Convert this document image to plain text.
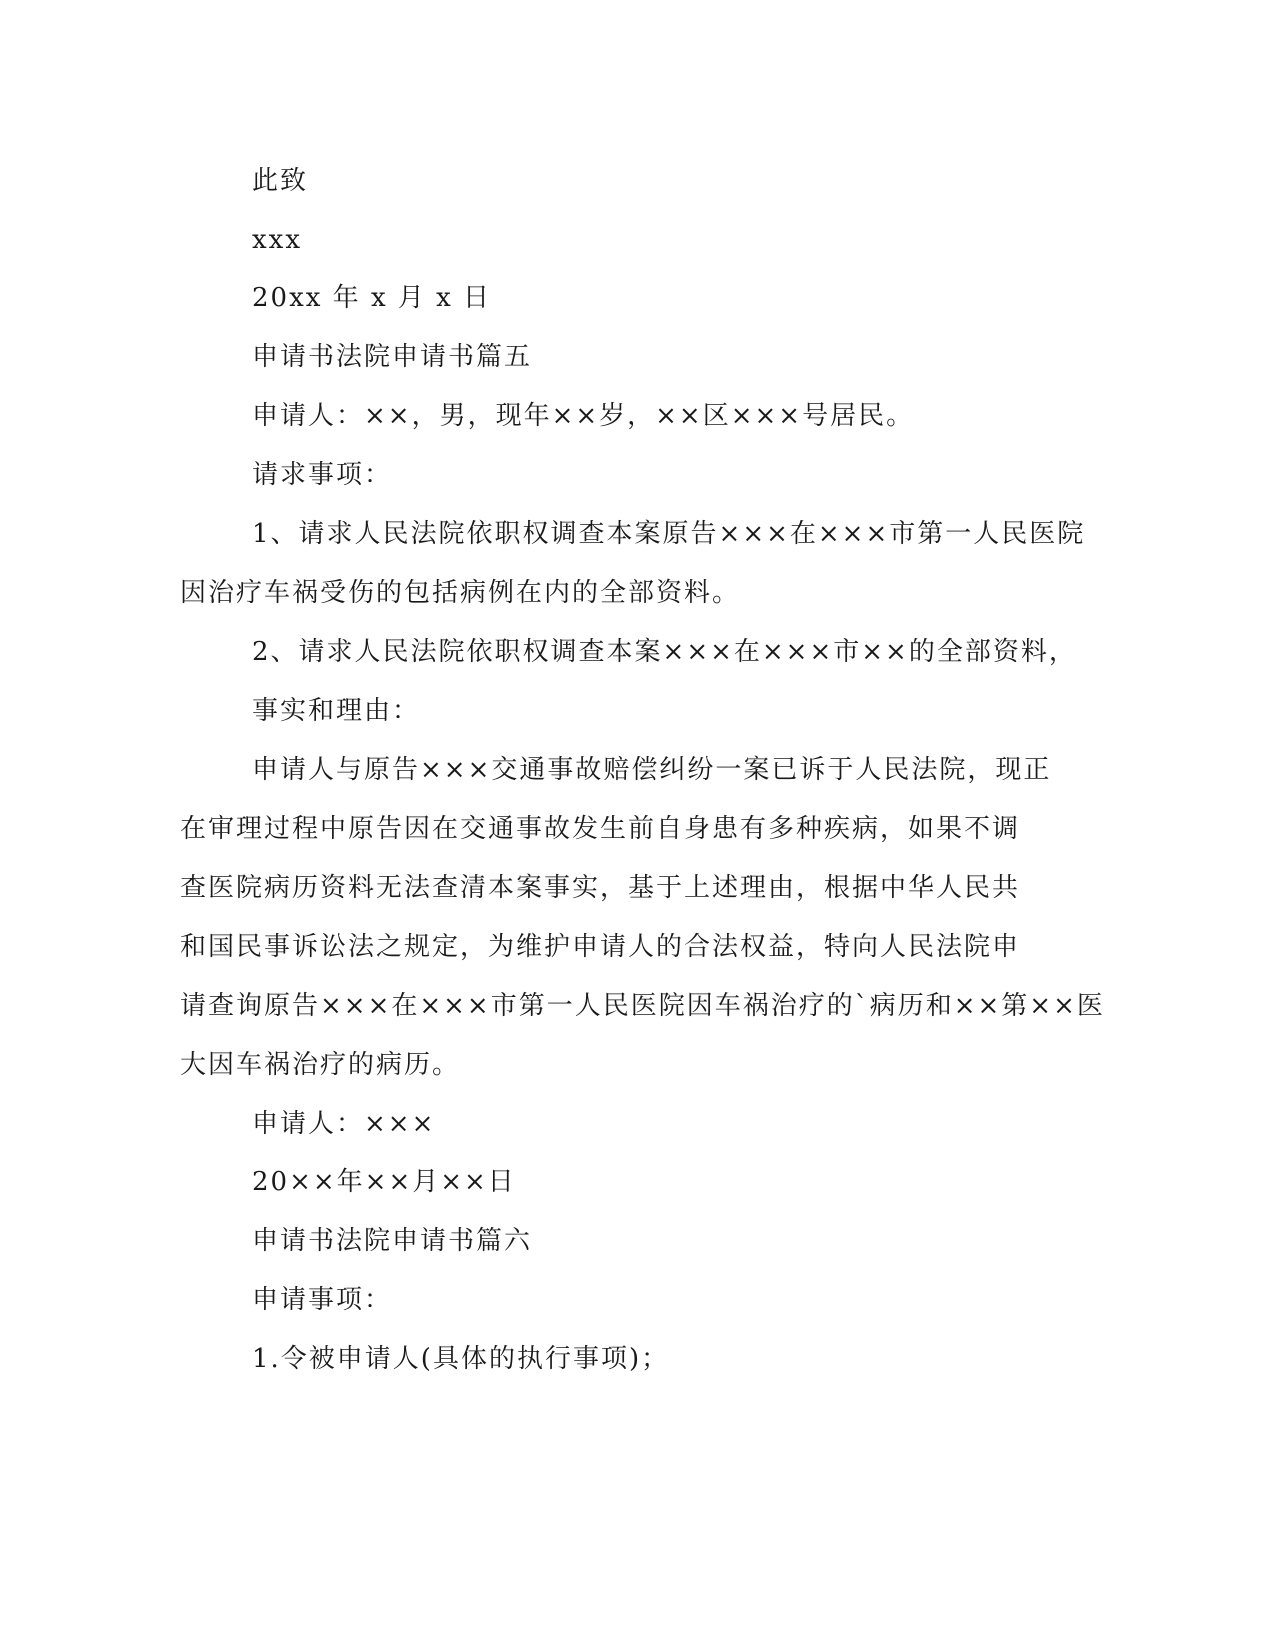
此致
xxx
20xx 年 x 月 x 日
申请书法院申请书篇五
申请人：××，男，现年××岁，××区×××号居民。
请求事项：
1、请求人民法院依职权调查本案原告×××在×××市第一人民医院
因治疗车祸受伤的包括病例在内的全部资料。
2、请求人民法院依职权调查本案×××在×××市××的全部资料，
事实和理由：
申请人与原告×××交通事故赔偿纠纷一案已诉于人民法院，现正
在审理过程中原告因在交通事故发生前自身患有多种疾病，如果不调
查医院病历资料无法查清本案事实，基于上述理由，根据中华人民共
和国民事诉讼法之规定，为维护申请人的合法权益，特向人民法院申
请查询原告×××在×××市第一人民医院因车祸治疗的`病历和××第××医
大因车祸治疗的病历。
申请人：×××
20××年××月××日
申请书法院申请书篇六
申请事项：
1.令被申请人(具体的执行事项)；
